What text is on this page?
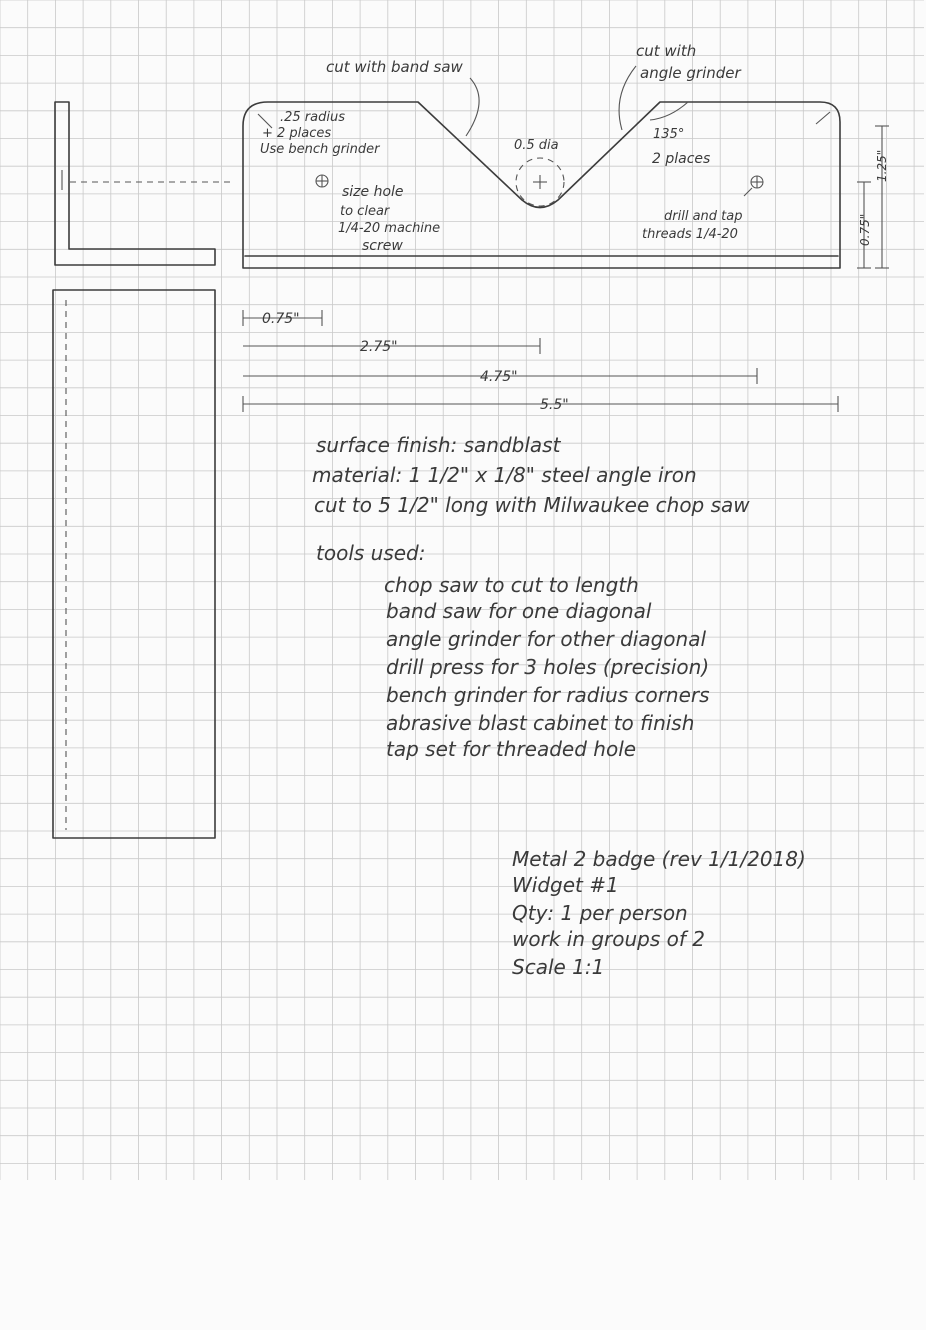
cut with band saw
cut with
angle grinder
.25 radius
+ 2 places
Use bench grinder	0.5 dia
135°
2 places
size hole
to clear
1/4-20 machine
screw
drill and tap
threads 1/4-20
0.75"
2.75"
4.75"
5.5"
0.75"
1.25"
surface finish: sandblast
material: 1 1/2" x 1/8" steel angle iron
cut to 5 1/2" long with Milwaukee chop saw
tools used:
chop saw to cut to length
band saw for one diagonal
angle grinder for other diagonal
drill press for 3 holes (precision)
bench grinder for radius corners
abrasive blast cabinet to finish
tap set for threaded hole
Metal 2 badge (rev 1/1/2018)
Widget #1
Qty: 1 per person
work in groups of 2
Scale 1:1
